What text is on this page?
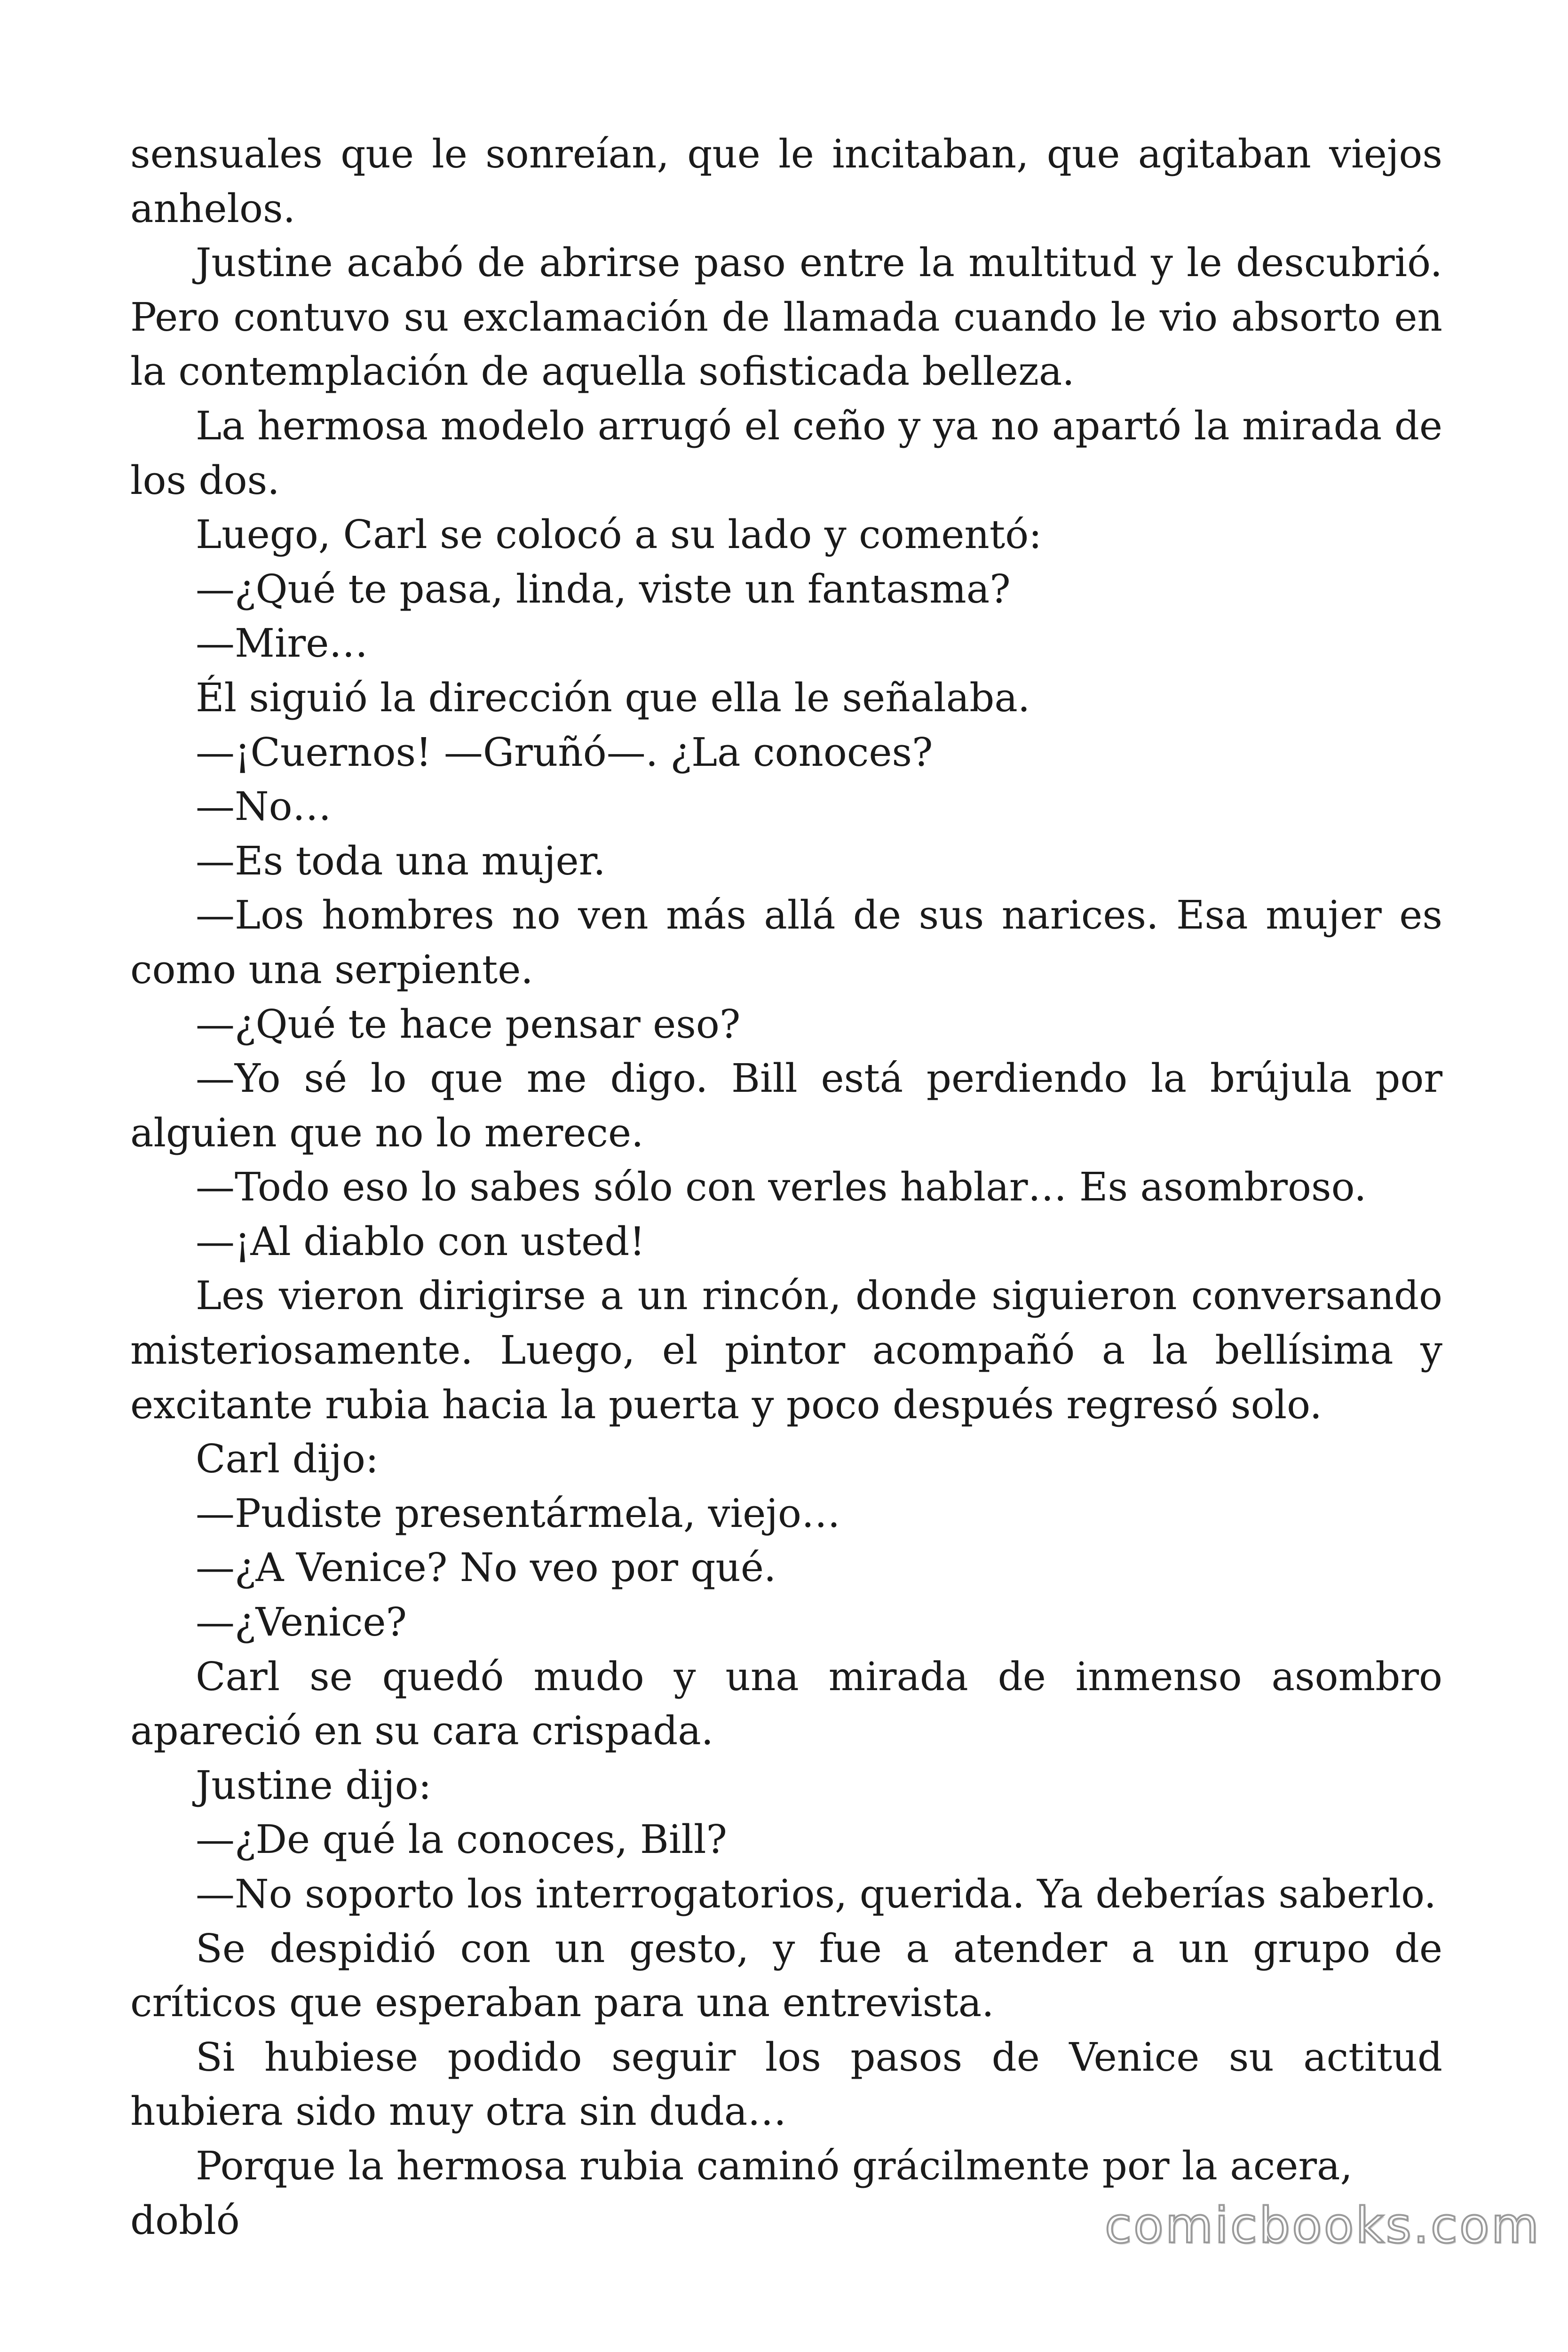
sensuales que le sonreían, que le incitaban, que agitaban viejos anhelos.

Justine acabó de abrirse paso entre la multitud y le descubrió. Pero contuvo su exclamación de llamada cuando le vio absorto en la contemplación de aquella sofisticada belleza.

La hermosa modelo arrugó el ceño y ya no apartó la mirada de los dos.

Luego, Carl se colocó a su lado y comentó:

—¿Qué te pasa, linda, viste un fantasma?

—Mire…

Él siguió la dirección que ella le señalaba.

—¡Cuernos! —Gruñó—. ¿La conoces?

—No…

—Es toda una mujer.

—Los hombres no ven más allá de sus narices. Esa mujer es como una serpiente.

—¿Qué te hace pensar eso?

—Yo sé lo que me digo. Bill está perdiendo la brújula por alguien que no lo merece.

—Todo eso lo sabes sólo con verles hablar… Es asombroso.

—¡Al diablo con usted!

Les vieron dirigirse a un rincón, donde siguieron conversando misteriosamente. Luego, el pintor acompañó a la bellísima y excitante rubia hacia la puerta y poco después regresó solo.

Carl dijo:

—Pudiste presentármela, viejo…

—¿A Venice? No veo por qué.

—¿Venice?

Carl se quedó mudo y una mirada de inmenso asombro apareció en su cara crispada.

Justine dijo:

—¿De qué la conoces, Bill?

—No soporto los interrogatorios, querida. Ya deberías saberlo.

Se despidió con un gesto, y fue a atender a un grupo de críticos que esperaban para una entrevista.

Si hubiese podido seguir los pasos de Venice su actitud hubiera sido muy otra sin duda…

Porque la hermosa rubia caminó grácilmente por la acera, dobló	comicbooks.com
